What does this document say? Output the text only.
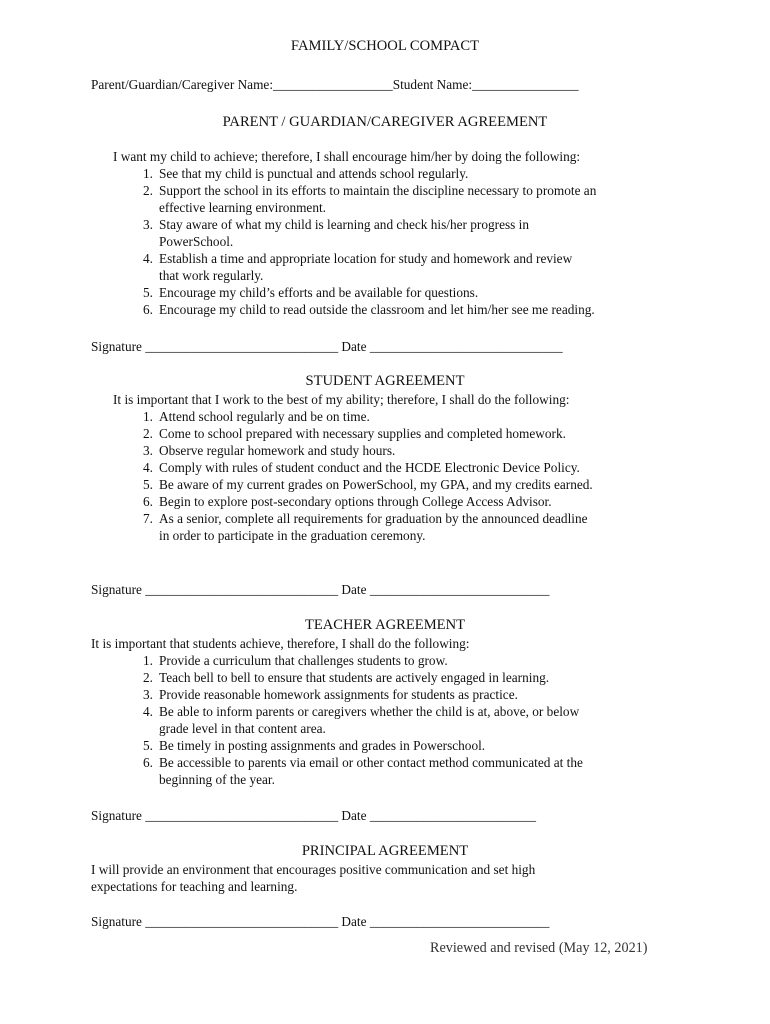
FAMILY/SCHOOL COMPACT
Parent/Guardian/Caregiver Name:__________________Student Name:________________
PARENT / GUARDIAN/CAREGIVER AGREEMENT
I want my child to achieve; therefore, I shall encourage him/her by doing the following:
1. See that my child is punctual and attends school regularly.
2. Support the school in its efforts to maintain the discipline necessary to promote an
effective learning environment.
3. Stay aware of what my child is learning and check his/her progress in
PowerSchool.
4. Establish a time and appropriate location for study and homework and review
that work regularly.
5. Encourage my child’s efforts and be available for questions.
6. Encourage my child to read outside the classroom and let him/her see me reading.
Signature _____________________________ Date _____________________________
STUDENT AGREEMENT
It is important that I work to the best of my ability; therefore, I shall do the following:
1. Attend school regularly and be on time.
2. Come to school prepared with necessary supplies and completed homework.
3. Observe regular homework and study hours.
4. Comply with rules of student conduct and the HCDE Electronic Device Policy.
5. Be aware of my current grades on PowerSchool, my GPA, and my credits earned.
6. Begin to explore post-secondary options through College Access Advisor.
7. As a senior, complete all requirements for graduation by the announced deadline
in order to participate in the graduation ceremony.
Signature _____________________________ Date ___________________________
TEACHER AGREEMENT
It is important that students achieve, therefore, I shall do the following:
1. Provide a curriculum that challenges students to grow.
2. Teach bell to bell to ensure that students are actively engaged in learning.
3. Provide reasonable homework assignments for students as practice.
4. Be able to inform parents or caregivers whether the child is at, above, or below
grade level in that content area.
5. Be timely in posting assignments and grades in Powerschool.
6. Be accessible to parents via email or other contact method communicated at the
beginning of the year.
Signature _____________________________ Date _________________________
PRINCIPAL AGREEMENT
I will provide an environment that encourages positive communication and set high
expectations for teaching and learning.
Signature _____________________________ Date ___________________________
Reviewed and revised (May 12, 2021)
